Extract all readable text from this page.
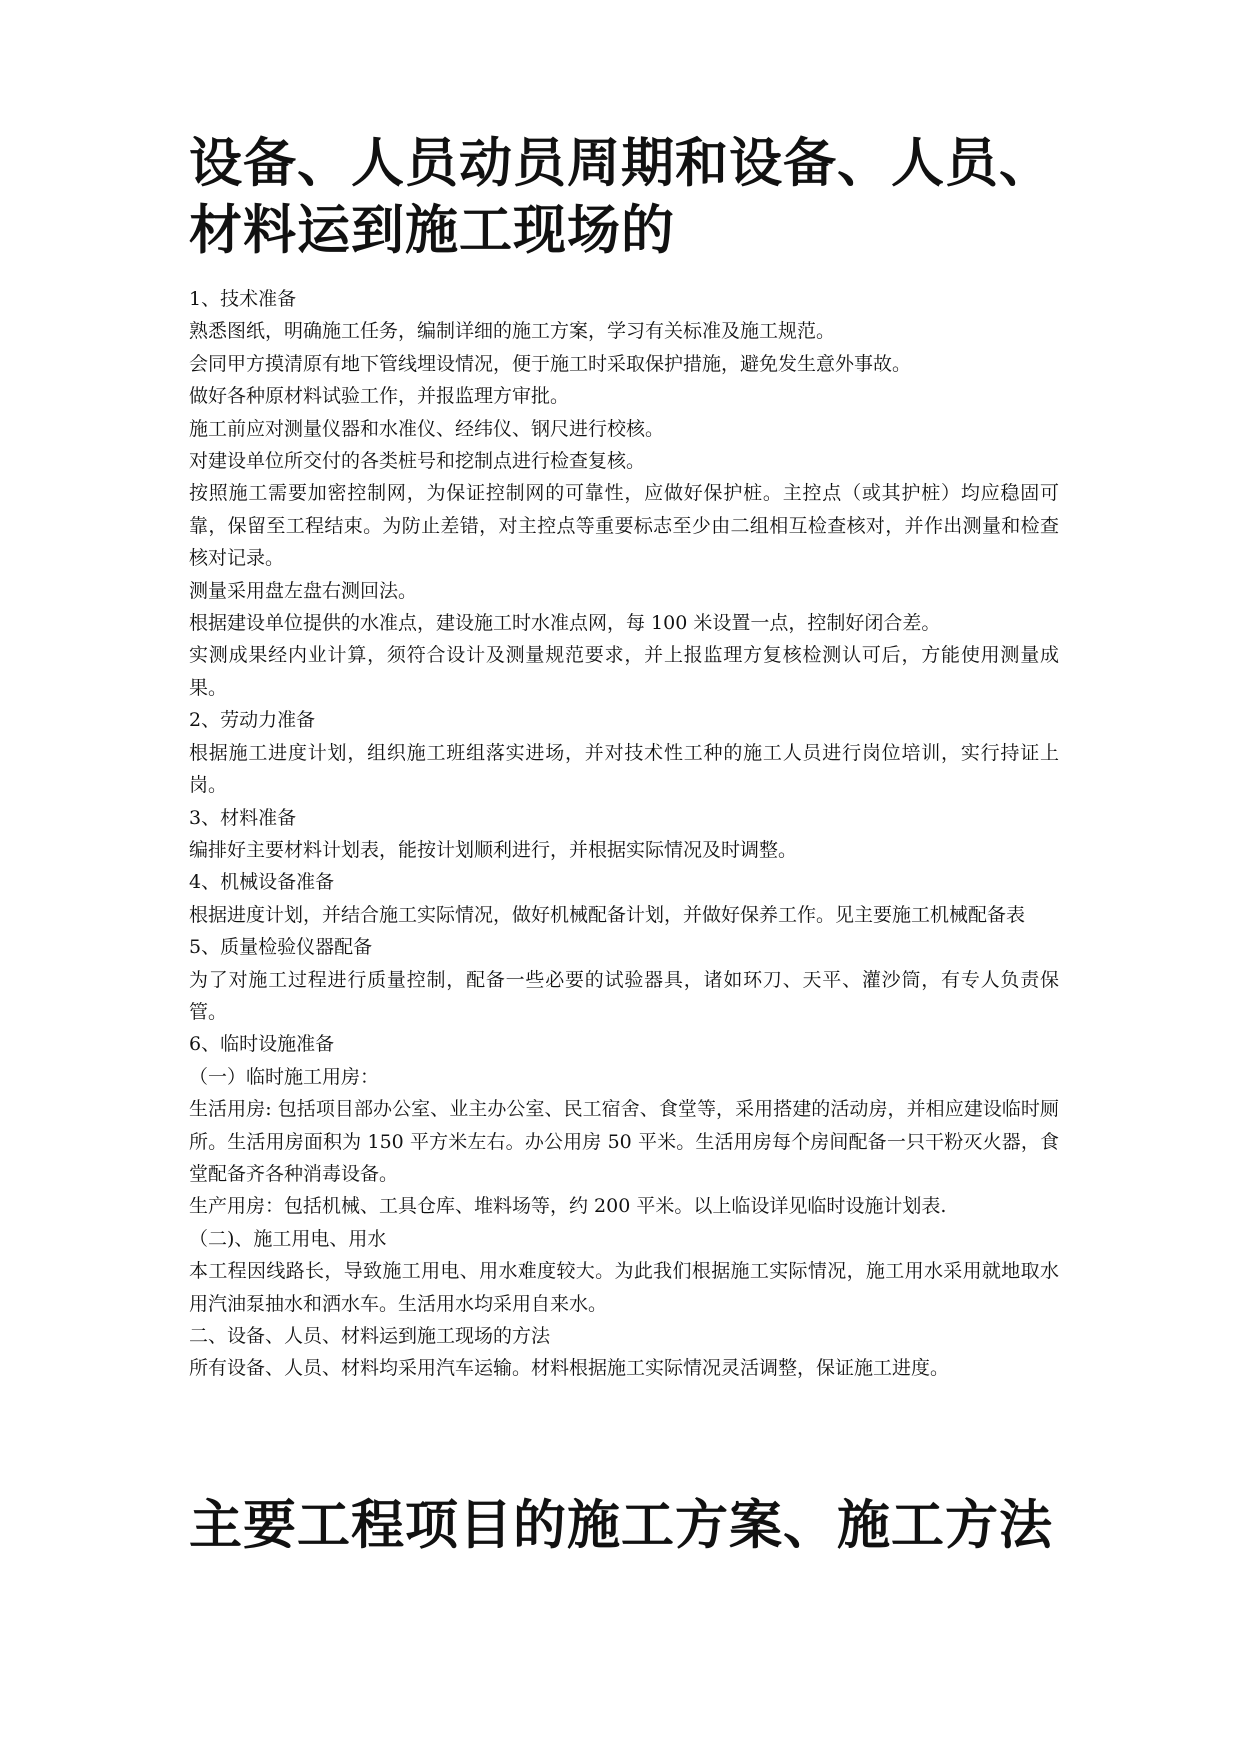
设备、人员动员周期和设备、人员、材料运到施工现场的

1、技术准备

熟悉图纸，明确施工任务，编制详细的施工方案，学习有关标准及施工规范。

会同甲方摸清原有地下管线埋设情况，便于施工时采取保护措施，避免发生意外事故。

做好各种原材料试验工作，并报监理方审批。

施工前应对测量仪器和水准仪、经纬仪、钢尺进行校核。

对建设单位所交付的各类桩号和挖制点进行检查复核。

按照施工需要加密控制网，为保证控制网的可靠性，应做好保护桩。主控点（或其护桩）均应稳固可靠，保留至工程结束。为防止差错，对主控点等重要标志至少由二组相互检查核对，并作出测量和检查核对记录。

测量采用盘左盘右测回法。

根据建设单位提供的水准点，建设施工时水准点网，每 100 米设置一点，控制好闭合差。

实测成果经内业计算，须符合设计及测量规范要求，并上报监理方复核检测认可后，方能使用测量成果。

2、劳动力准备

根据施工进度计划，组织施工班组落实进场，并对技术性工种的施工人员进行岗位培训，实行持证上岗。

3、材料准备

编排好主要材料计划表，能按计划顺利进行，并根据实际情况及时调整。

4、机械设备准备

根据进度计划，并结合施工实际情况，做好机械配备计划，并做好保养工作。见主要施工机械配备表

5、质量检验仪器配备

为了对施工过程进行质量控制，配备一些必要的试验器具，诸如环刀、天平、灌沙筒，有专人负责保管。

6、临时设施准备

（一）临时施工用房：

生活用房: 包括项目部办公室、业主办公室、民工宿舍、食堂等，采用搭建的活动房，并相应建设临时厕所。生活用房面积为 150 平方米左右。办公用房 50 平米。生活用房每个房间配备一只干粉灭火器，食堂配备齐各种消毒设备。

生产用房：包括机械、工具仓库、堆料场等，约 200 平米。以上临设详见临时设施计划表.

（二)、施工用电、用水

本工程因线路长，导致施工用电、用水难度较大。为此我们根据施工实际情况，施工用水采用就地取水用汽油泵抽水和洒水车。生活用水均采用自来水。

二、设备、人员、材料运到施工现场的方法

所有设备、人员、材料均采用汽车运输。材料根据施工实际情况灵活调整，保证施工进度。

主要工程项目的施工方案、施工方法
